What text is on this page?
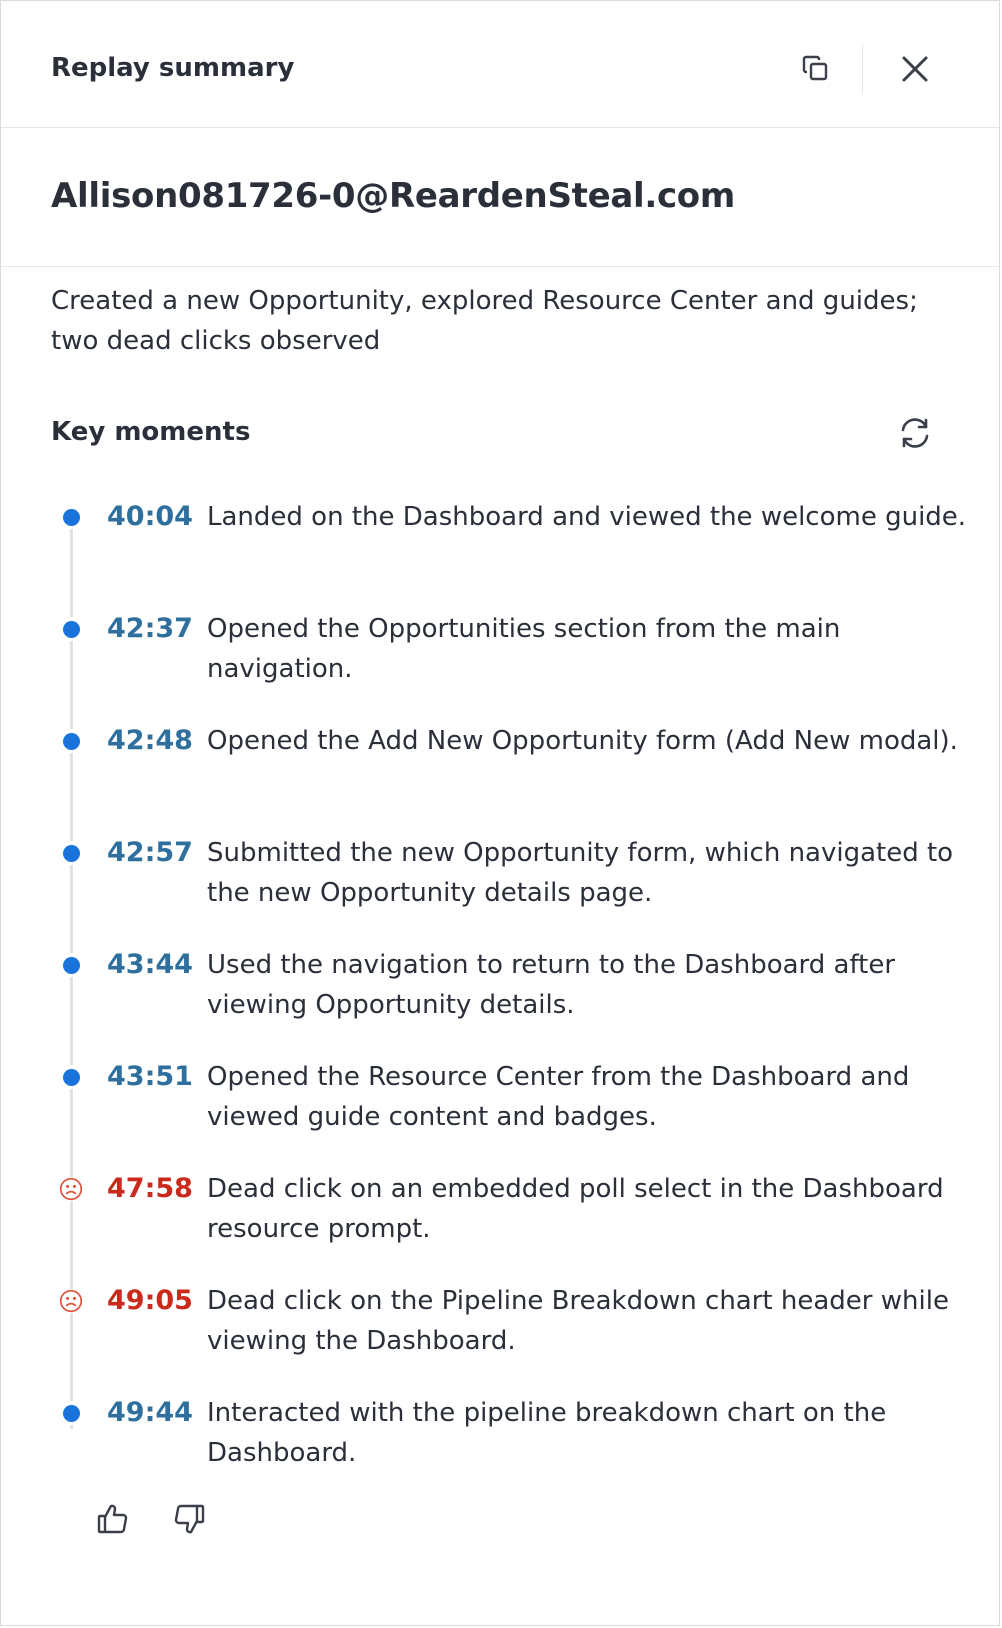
Replay summary
Allison081726-0@ReardenSteal.com
Created a new Opportunity, explored Resource Center and guides; two dead clicks observed
Key moments
40:04 Landed on the Dashboard and viewed the welcome guide.
42:37 Opened the Opportunities section from the main navigation.
42:48 Opened the Add New Opportunity form (Add New modal).
42:57 Submitted the new Opportunity form, which navigated to the new Opportunity details page.
43:44 Used the navigation to return to the Dashboard after viewing Opportunity details.
43:51 Opened the Resource Center from the Dashboard and viewed guide content and badges.
47:58 Dead click on an embedded poll select in the Dashboard resource prompt.
49:05 Dead click on the Pipeline Breakdown chart header while viewing the Dashboard.
49:44 Interacted with the pipeline breakdown chart on the Dashboard.
